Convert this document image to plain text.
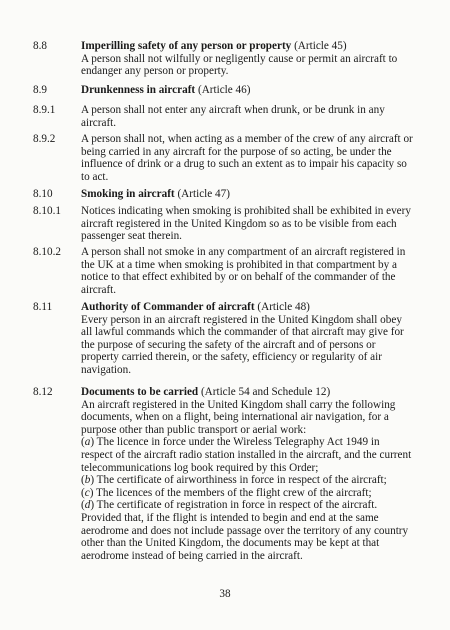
8.8	Imperilling safety of any person or property (Article 45)

A person shall not wilfully or negligently cause or permit an aircraft to endanger any person or property.

8.9	Drunkenness in aircraft (Article 46)

8.9.1 A person shall not enter any aircraft when drunk, or be drunk in any aircraft.

8.9.2 A person shall not, when acting as a member of the crew of any aircraft or being carried in any aircraft for the purpose of so acting, be under the influence of drink or a drug to such an extent as to impair his capacity so to act.

8.10	Smoking in aircraft (Article 47)

8.10.1 Notices indicating when smoking is prohibited shall be exhibited in every aircraft registered in the United Kingdom so as to be visible from each passenger seat therein.

8.10.2 A person shall not smoke in any compartment of an aircraft registered in the UK at a time when smoking is prohibited in that compartment by a notice to that effect exhibited by or on behalf of the commander of the aircraft.

8.11	Authority of Commander of aircraft (Article 48)

Every person in an aircraft registered in the United Kingdom shall obey all lawful commands which the commander of that aircraft may give for the purpose of securing the safety of the aircraft and of persons or property carried therein, or the safety, efficiency or regularity of air navigation.

8.12	Documents to be carried (Article 54 and Schedule 12)

An aircraft registered in the United Kingdom shall carry the following documents, when on a flight, being international air navigation, for a purpose other than public transport or aerial work:

(a) The licence in force under the Wireless Telegraphy Act 1949 in respect of the aircraft radio station installed in the aircraft, and the current telecommunications log book required by this Order;

(b) The certificate of airworthiness in force in respect of the aircraft;

(c) The licences of the members of the flight crew of the aircraft;

(d) The certificate of registration in force in respect of the aircraft.

Provided that, if the flight is intended to begin and end at the same aerodrome and does not include passage over the territory of any country other than the United Kingdom, the documents may be kept at that aerodrome instead of being carried in the aircraft.

38
